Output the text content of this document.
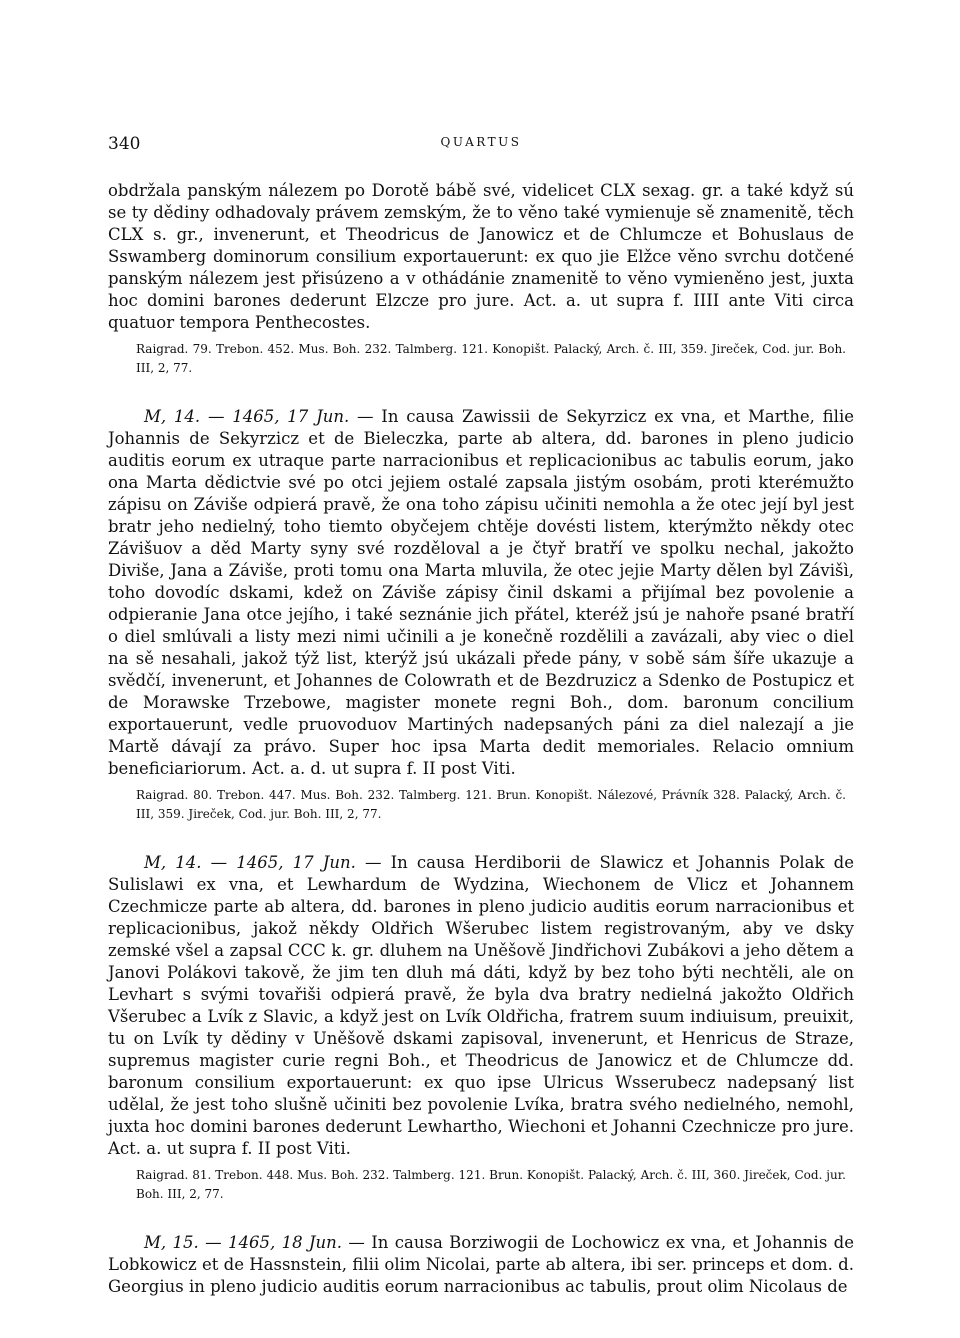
340	QUARTUS

obdržala panským nálezem po Dorotě bábě své, videlicet CLX sexag. gr. a také když sú se ty dědiny odhadovaly právem zemským, že to věno také vymienuje sě znamenitě, těch CLX s. gr., invenerunt, et Theodricus de Janowicz et de Chlumcze et Bohuslaus de Sswamberg dominorum consilium exportauerunt: ex quo jie Elžce věno svrchu dotčené panským nálezem jest přisúzeno a v othádánie znamenitě to věno vymieněno jest, juxta hoc domini barones dederunt Elzcze pro jure. Act. a. ut supra f. IIII ante Viti circa quatuor tempora Penthecostes.

Raigrad. 79. Trebon. 452. Mus. Boh. 232. Talmberg. 121. Konopišt. Palacký, Arch. č. III, 359. Jireček, Cod. jur. Boh. III, 2, 77.

M, 14. — 1465, 17 Jun. — In causa Zawissii de Sekyrzicz ex vna, et Marthe, filie Johannis de Sekyrzicz et de Bieleczka, parte ab altera, dd. barones in pleno judicio auditis eorum ex utraque parte narracionibus et replicacionibus ac tabulis eorum, jako ona Marta dědictvie své po otci jejiem ostalé zapsala jistým osobám, proti kterémužto zápisu on Záviše odpierá pravě, že ona toho zápisu učiniti nemohla a že otec její byl jest bratr jeho nedielný, toho tiemto obyčejem chtěje dovésti listem, kterýmžto někdy otec Závišuov a děd Marty syny své rozděloval a je čtyř bratří ve spolku nechal, jakožto Diviše, Jana a Záviše, proti tomu ona Marta mluvila, že otec jejie Marty dělen byl Závišì, toho dovodíc dskami, kdež on Záviše zápisy činil dskami a přijímal bez povolenie a odpieranie Jana otce jejího, i také seznánie jich přátel, kteréž jsú je nahoře psané bratří o diel smlúvali a listy mezi nimi učinili a je konečně rozdělili a zavázali, aby viec o diel na sě nesahali, jakož týž list, kterýž jsú ukázali přede pány, v sobě sám šíře ukazuje a svědčí, invenerunt, et Johannes de Colowrath et de Bezdruzicz a Sdenko de Postupicz et de Morawske Trzebowe, magister monete regni Boh., dom. baronum concilium exportauerunt, vedle pruovoduov Martiných nadepsaných páni za diel nalezají a jie Martě dávají za právo. Super hoc ipsa Marta dedit memoriales. Relacio omnium beneficiariorum. Act. a. d. ut supra f. II post Viti.

Raigrad. 80. Trebon. 447. Mus. Boh. 232. Talmberg. 121. Brun. Konopišt. Nálezové, Právník 328. Palacký, Arch. č. III, 359. Jireček, Cod. jur. Boh. III, 2, 77.

M, 14. — 1465, 17 Jun. — In causa Herdiborii de Slawicz et Johannis Polak de Sulislawi ex vna, et Lewhardum de Wydzina, Wiechonem de Vlicz et Johannem Czechmicze parte ab altera, dd. barones in pleno judicio auditis eorum narracionibus et replicacionibus, jakož někdy Oldřich Wšerubec listem registrovaným, aby ve dsky zemské všel a zapsal CCC k. gr. dluhem na Uněšově Jindřichovi Zubákovi a jeho dětem a Janovi Polákovi takově, že jim ten dluh má dáti, když by bez toho býti nechtěli, ale on Levhart s svými tovařiši odpierá pravě, že byla dva bratry nedielná jakožto Oldřich Všerubec a Lvík z Slavic, a když jest on Lvík Oldřicha, fratrem suum indiuisum, preuixit, tu on Lvík ty dědiny v Uněšově dskami zapisoval, invenerunt, et Henricus de Straze, supremus magister curie regni Boh., et Theodricus de Janowicz et de Chlumcze dd. baronum consilium exportauerunt: ex quo ipse Ulricus Wsserubecz nadepsaný list udělal, že jest toho slušně učiniti bez povolenie Lvíka, bratra svého nedielného, nemohl, juxta hoc domini barones dederunt Lewhartho, Wiechoni et Johanni Czechnicze pro jure. Act. a. ut supra f. II post Viti.

Raigrad. 81. Trebon. 448. Mus. Boh. 232. Talmberg. 121. Brun. Konopišt. Palacký, Arch. č. III, 360. Jireček, Cod. jur. Boh. III, 2, 77.

M, 15. — 1465, 18 Jun. — In causa Borziwogii de Lochowicz ex vna, et Johannis de Lobkowicz et de Hassnstein, filii olim Nicolai, parte ab altera, ibi ser. princeps et dom. d. Georgius in pleno judicio auditis eorum narracionibus ac tabulis, prout olim Nicolaus de
